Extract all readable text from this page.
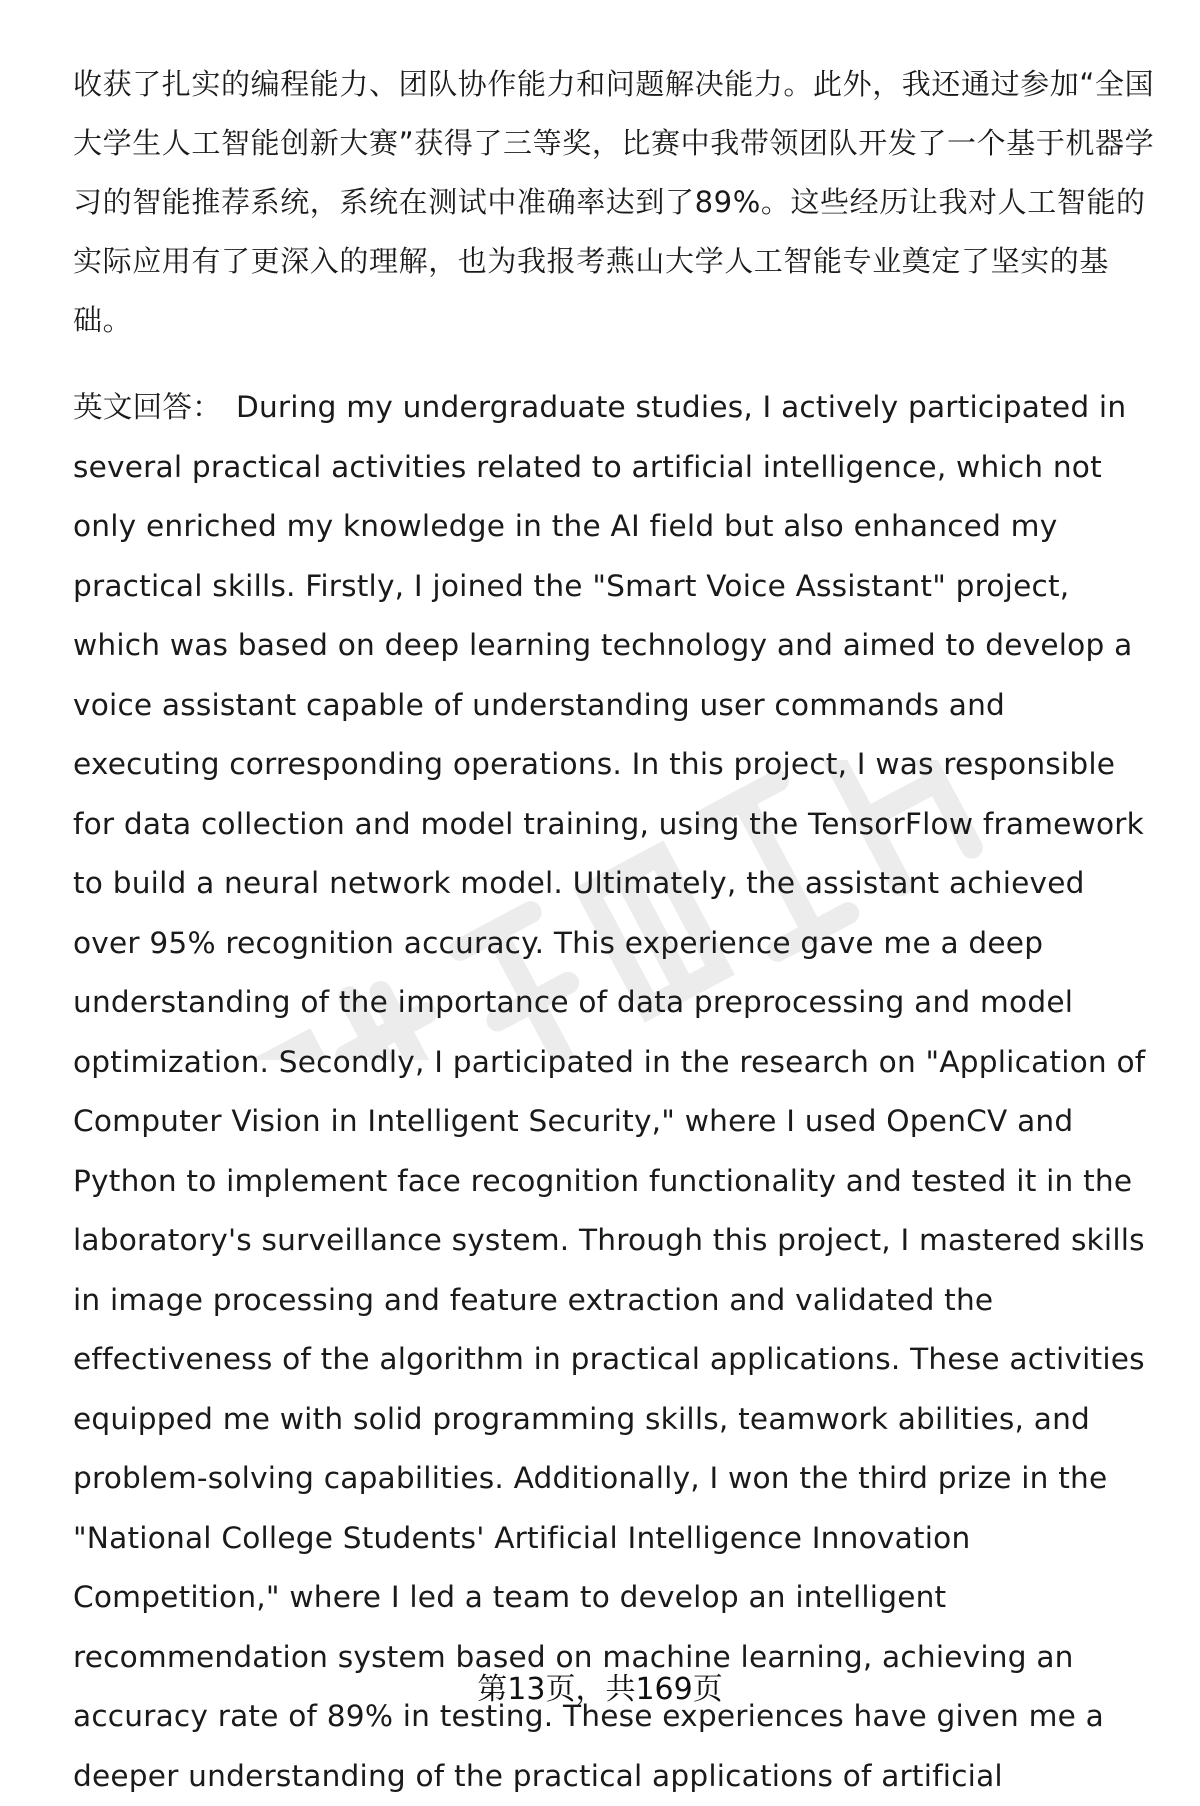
收获了扎实的编程能力、团队协作能力和问题解决能力。此外，我还通过参加“全国大学生人工智能创新大赛”获得了三等奖，比赛中我带领团队开发了一个基于机器学习的智能推荐系统，系统在测试中准确率达到了89%。这些经历让我对人工智能的实际应用有了更深入的理解，也为我报考燕山大学人工智能专业奠定了坚实的基础。

英文回答： During my undergraduate studies, I actively participated in several practical activities related to artificial intelligence, which not only enriched my knowledge in the AI field but also enhanced my practical skills. Firstly, I joined the "Smart Voice Assistant" project, which was based on deep learning technology and aimed to develop a voice assistant capable of understanding user commands and executing corresponding operations. In this project, I was responsible for data collection and model training, using the TensorFlow framework to build a neural network model. Ultimately, the assistant achieved over 95% recognition accuracy. This experience gave me a deep understanding of the importance of data preprocessing and model optimization. Secondly, I participated in the research on "Application of Computer Vision in Intelligent Security," where I used OpenCV and Python to implement face recognition functionality and tested it in the laboratory's surveillance system. Through this project, I mastered skills in image processing and feature extraction and validated the effectiveness of the algorithm in practical applications. These activities equipped me with solid programming skills, teamwork abilities, and problem-solving capabilities. Additionally, I won the third prize in the "National College Students' Artificial Intelligence Innovation Competition," where I led a team to develop an intelligent recommendation system based on machine learning, achieving an accuracy rate of 89% in testing. These experiences have given me a deeper understanding of the practical applications of artificial

第13页，共169页
